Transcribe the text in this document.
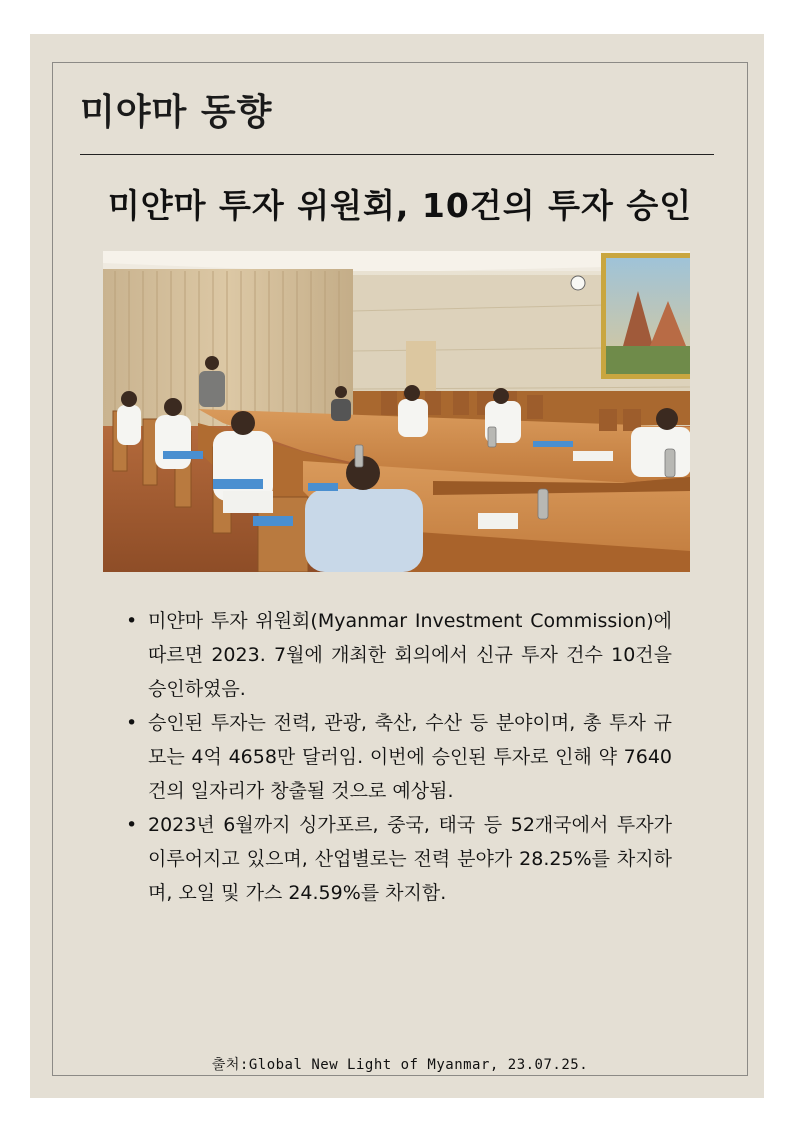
미야마 동향
미얀마 투자 위원회, 10건의 투자 승인
• 미얀마 투자 위원회(Myanmar Investment Commission)에 따르면 2023. 7월에 개최한 회의에서 신규 투자 건수 10건을 승인하였음.
• 승인된 투자는 전력, 관광, 축산, 수산 등 분야이며, 총 투자 규모는 4억 4658만 달러임. 이번에 승인된 투자로 인해 약 7640건의 일자리가 창출될 것으로 예상됨.
• 2023년 6월까지 싱가포르, 중국, 태국 등 52개국에서 투자가 이루어지고 있으며, 산업별로는 전력 분야가 28.25%를 차지하며, 오일 및 가스 24.59%를 차지함.
출처:Global New Light of Myanmar, 23.07.25.
